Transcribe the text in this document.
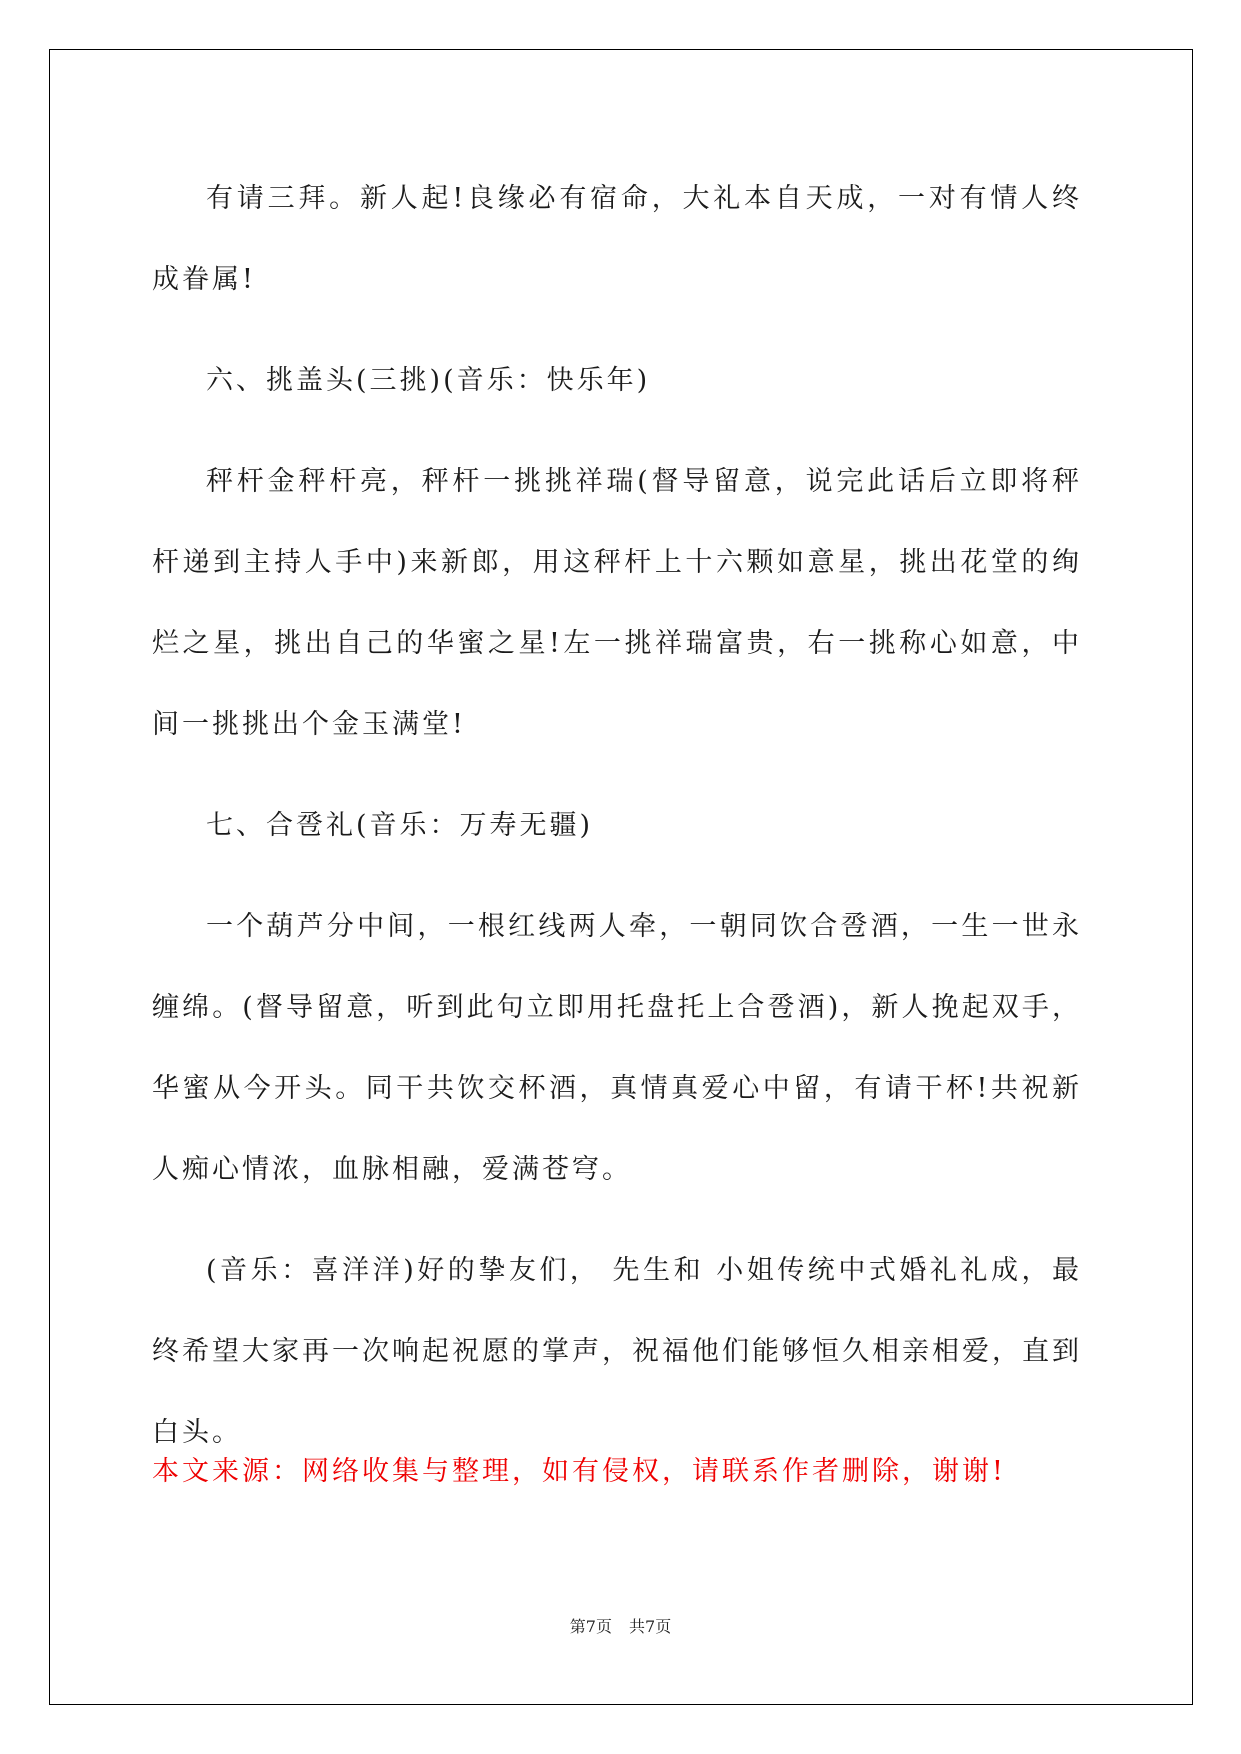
有请三拜。新人起!良缘必有宿命，大礼本自天成，一对有情人终成眷属!

六、挑盖头(三挑)(音乐：快乐年)

秤杆金秤杆亮，秤杆一挑挑祥瑞(督导留意，说完此话后立即将秤杆递到主持人手中)来新郎，用这秤杆上十六颗如意星，挑出花堂的绚烂之星，挑出自己的华蜜之星!左一挑祥瑞富贵，右一挑称心如意，中间一挑挑出个金玉满堂!

七、合卺礼(音乐：万寿无疆)

一个葫芦分中间，一根红线两人牵，一朝同饮合卺酒，一生一世永缠绵。(督导留意，听到此句立即用托盘托上合卺酒)，新人挽起双手，华蜜从今开头。同干共饮交杯酒，真情真爱心中留，有请干杯!共祝新人痴心情浓，血脉相融，爱满苍穹。

(音乐：喜洋洋)好的挚友们， 先生和 小姐传统中式婚礼礼成，最终希望大家再一次响起祝愿的掌声，祝福他们能够恒久相亲相爱，直到白头。

本文来源：网络收集与整理，如有侵权，请联系作者删除，谢谢!

第7页 共7页
